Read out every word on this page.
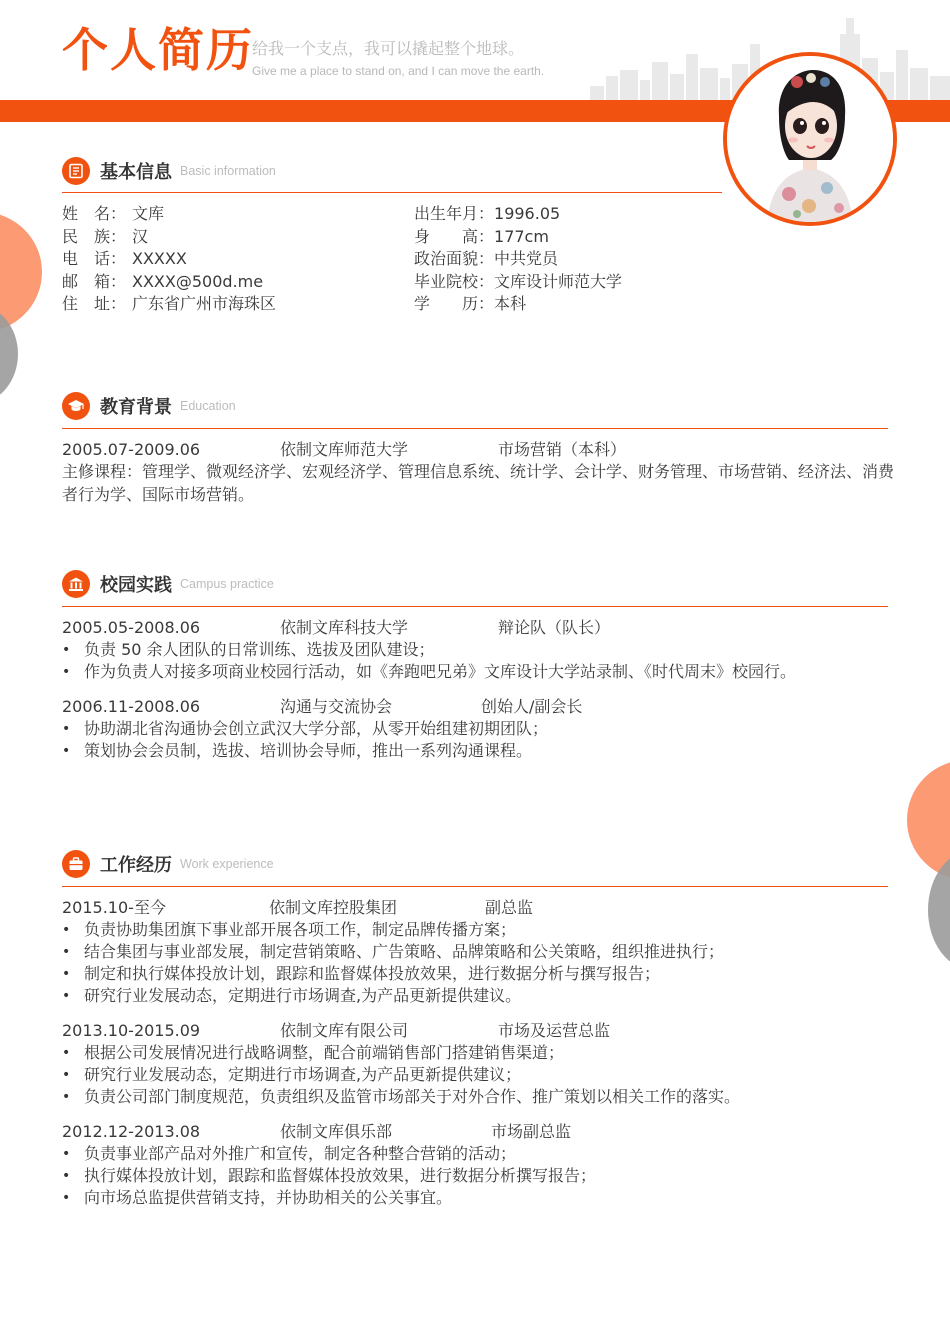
个人简历
给我一个支点，我可以撬起整个地球。
Give me a place to stand on, and I can move the earth.
基本信息 Basic information
姓　名： 文库
民　族： 汉
电　话： XXXXX
邮　箱： XXXX@500d.me
住　址： 广东省广州市海珠区
出生年月：1996.05
身　　高：177cm
政治面貌：中共党员
毕业院校：文库设计师范大学
学　　历：本科
教育背景 Education
2005.07-2009.06	依制文库师范大学	市场营销（本科）
主修课程：管理学、微观经济学、宏观经济学、管理信息系统、统计学、会计学、财务管理、市场营销、经济法、消费者行为学、国际市场营销。
校园实践 Campus practice
2005.05-2008.06	依制文库科技大学	辩论队（队长）
• 负责 50 余人团队的日常训练、选拔及团队建设；
• 作为负责人对接多项商业校园行活动，如《奔跑吧兄弟》文库设计大学站录制、《时代周末》校园行。
2006.11-2008.06	沟通与交流协会	创始人/副会长
• 协助湖北省沟通协会创立武汉大学分部，从零开始组建初期团队；
• 策划协会会员制，选拔、培训协会导师，推出一系列沟通课程。
工作经历 Work experience
2015.10-至今	依制文库控股集团	副总监
• 负责协助集团旗下事业部开展各项工作，制定品牌传播方案；
• 结合集团与事业部发展，制定营销策略、广告策略、品牌策略和公关策略，组织推进执行；
• 制定和执行媒体投放计划，跟踪和监督媒体投放效果，进行数据分析与撰写报告；
• 研究行业发展动态，定期进行市场调查,为产品更新提供建议。
2013.10-2015.09	依制文库有限公司	市场及运营总监
• 根据公司发展情况进行战略调整，配合前端销售部门搭建销售渠道；
• 研究行业发展动态，定期进行市场调查,为产品更新提供建议；
• 负责公司部门制度规范，负责组织及监管市场部关于对外合作、推广策划以相关工作的落实。
2012.12-2013.08	依制文库俱乐部	市场副总监
• 负责事业部产品对外推广和宣传，制定各种整合营销的活动；
• 执行媒体投放计划，跟踪和监督媒体投放效果，进行数据分析撰写报告；
• 向市场总监提供营销支持，并协助相关的公关事宜。
